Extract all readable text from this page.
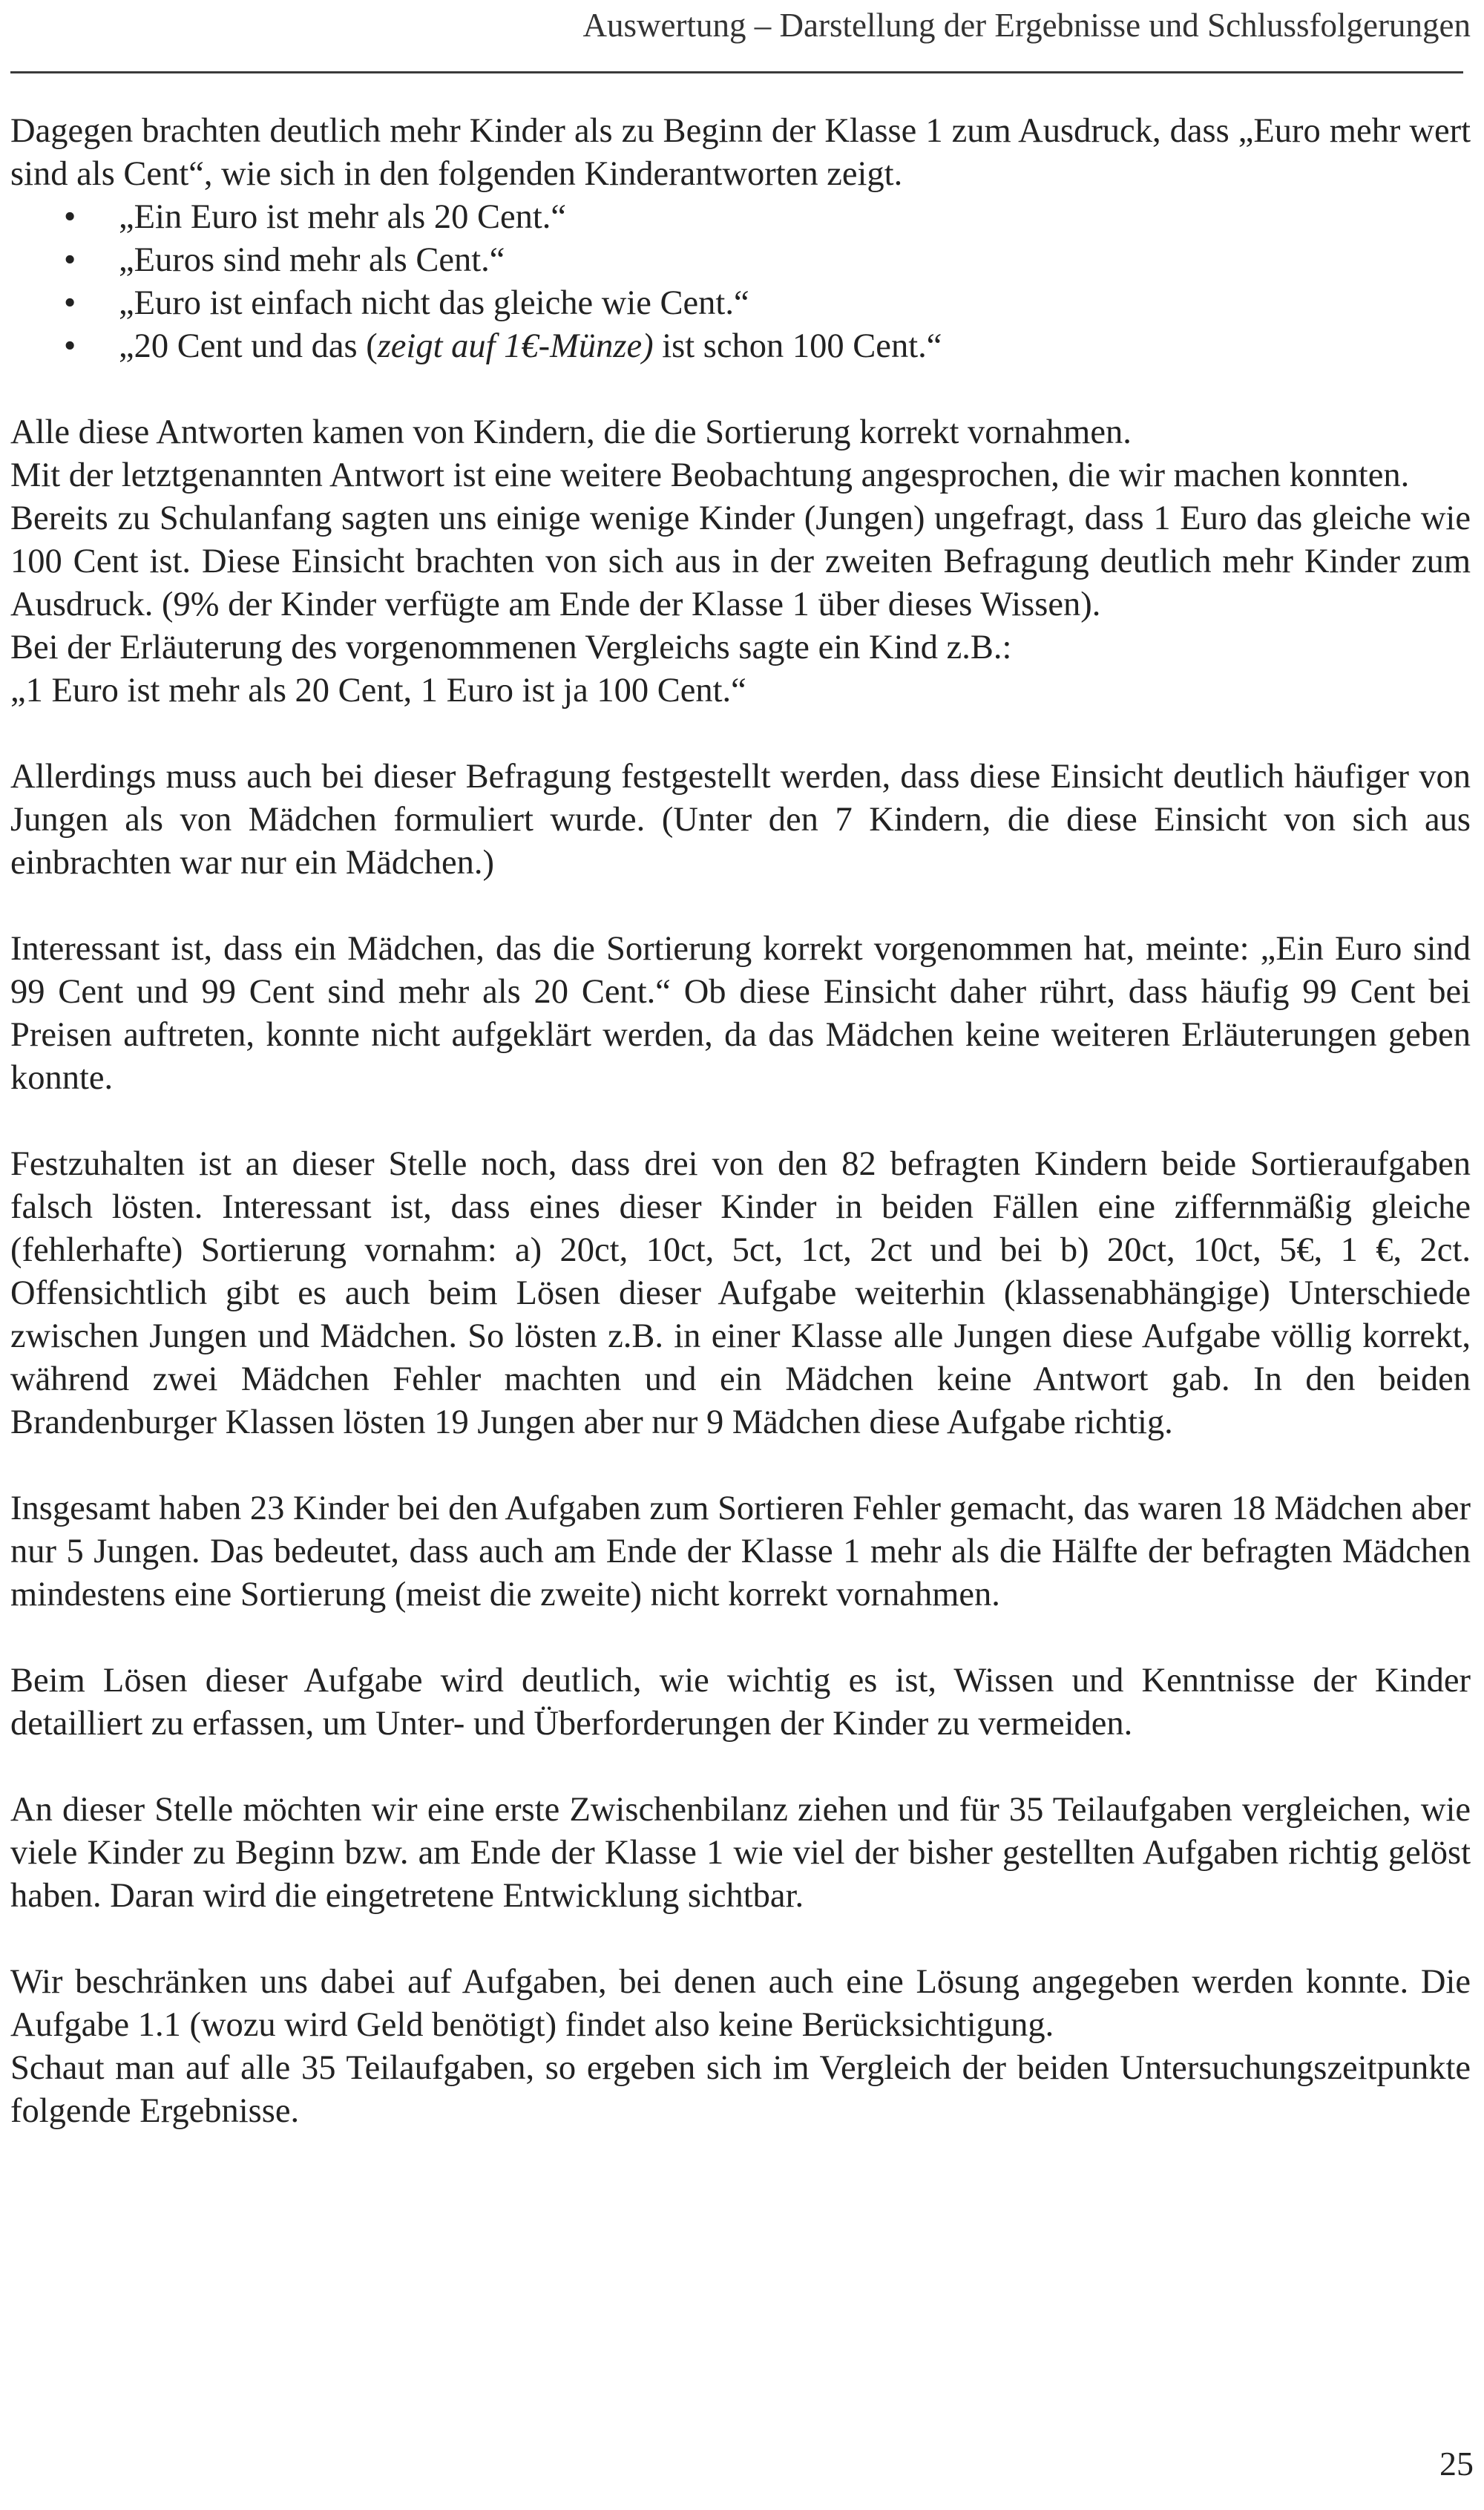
Auswertung – Darstellung der Ergebnisse und Schlussfolgerungen

Dagegen brachten deutlich mehr Kinder als zu Beginn der Klasse 1 zum Ausdruck, dass „Euro mehr wert sind als Cent“, wie sich in den folgenden Kinderantworten zeigt.

• „Ein Euro ist mehr als 20 Cent.“
• „Euros sind mehr als Cent.“
• „Euro ist einfach nicht das gleiche wie Cent.“
• „20 Cent und das (zeigt auf 1€-Münze) ist schon 100 Cent.“

Alle diese Antworten kamen von Kindern, die die Sortierung korrekt vornahmen.

Mit der letztgenannten Antwort ist eine weitere Beobachtung angesprochen, die wir machen konnten.

Bereits zu Schulanfang sagten uns einige wenige Kinder (Jungen) ungefragt, dass 1 Euro das gleiche wie 100 Cent ist. Diese Einsicht brachten von sich aus in der zweiten Befragung deutlich mehr Kinder zum Ausdruck. (9% der Kinder verfügte am Ende der Klasse 1 über dieses Wissen).

Bei der Erläuterung des vorgenommenen Vergleichs sagte ein Kind z.B.:

„1 Euro ist mehr als 20 Cent, 1 Euro ist ja 100 Cent.“

Allerdings muss auch bei dieser Befragung festgestellt werden, dass diese Einsicht deutlich häufiger von Jungen als von Mädchen formuliert wurde. (Unter den 7 Kindern, die diese Einsicht von sich aus einbrachten war nur ein Mädchen.)

Interessant ist, dass ein Mädchen, das die Sortierung korrekt vorgenommen hat, meinte: „Ein Euro sind 99 Cent und 99 Cent sind mehr als 20 Cent.“ Ob diese Einsicht daher rührt, dass häufig 99 Cent bei Preisen auftreten, konnte nicht aufgeklärt werden, da das Mädchen keine weiteren Erläuterungen geben konnte.

Festzuhalten ist an dieser Stelle noch, dass drei von den 82 befragten Kindern beide Sortieraufgaben falsch lösten. Interessant ist, dass eines dieser Kinder in beiden Fällen eine ziffernmäßig gleiche (fehlerhafte) Sortierung vornahm: a) 20ct, 10ct, 5ct, 1ct, 2ct und bei b) 20ct, 10ct, 5€, 1 €, 2ct. Offensichtlich gibt es auch beim Lösen dieser Aufgabe weiterhin (klassenabhängige) Unterschiede zwischen Jungen und Mädchen. So lösten z.B. in einer Klasse alle Jungen diese Aufgabe völlig korrekt, während zwei Mädchen Fehler machten und ein Mädchen keine Antwort gab. In den beiden Brandenburger Klassen lösten 19 Jungen aber nur 9 Mädchen diese Aufgabe richtig.

Insgesamt haben 23 Kinder bei den Aufgaben zum Sortieren Fehler gemacht, das waren 18 Mädchen aber nur 5 Jungen. Das bedeutet, dass auch am Ende der Klasse 1 mehr als die Hälfte der befragten Mädchen mindestens eine Sortierung (meist die zweite) nicht korrekt vornahmen.

Beim Lösen dieser Aufgabe wird deutlich, wie wichtig es ist, Wissen und Kenntnisse der Kinder detailliert zu erfassen, um Unter- und Überforderungen der Kinder zu vermeiden.

An dieser Stelle möchten wir eine erste Zwischenbilanz ziehen und für 35 Teilaufgaben vergleichen, wie viele Kinder zu Beginn bzw. am Ende der Klasse 1 wie viel der bisher gestellten Aufgaben richtig gelöst haben. Daran wird die eingetretene Entwicklung sichtbar.

Wir beschränken uns dabei auf Aufgaben, bei denen auch eine Lösung angegeben werden konnte. Die Aufgabe 1.1 (wozu wird Geld benötigt) findet also keine Berücksichtigung.

Schaut man auf alle 35 Teilaufgaben, so ergeben sich im Vergleich der beiden Untersuchungszeitpunkte folgende Ergebnisse.

25
